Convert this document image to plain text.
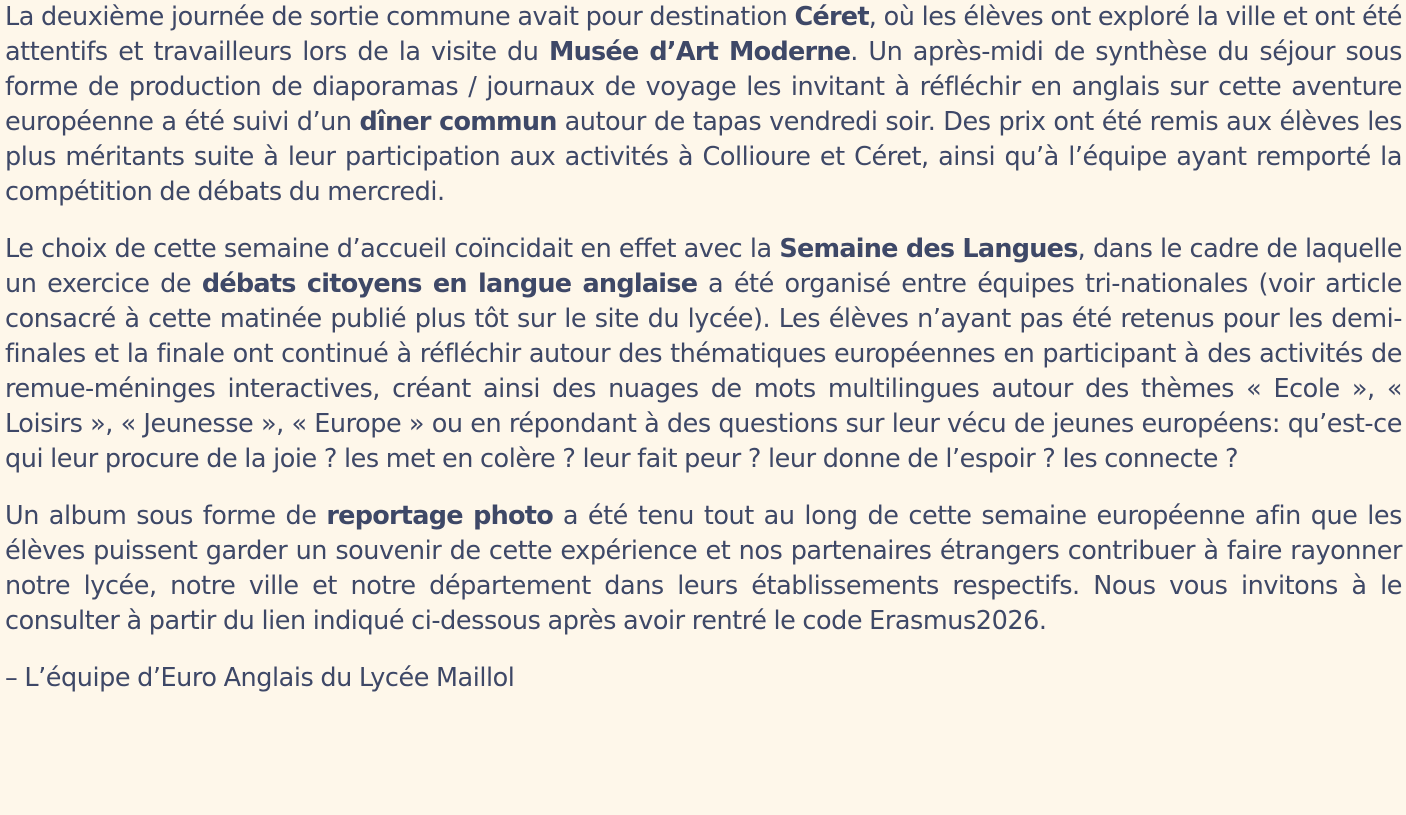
La deuxième journée de sortie commune avait pour destination Céret, où les élèves ont exploré la ville et ont été attentifs et travailleurs lors de la visite du Musée d’Art Moderne. Un après-midi de synthèse du séjour sous forme de production de diaporamas / journaux de voyage les invitant à réfléchir en anglais sur cette aventure européenne a été suivi d’un dîner commun autour de tapas vendredi soir. Des prix ont été remis aux élèves les plus méritants suite à leur participation aux activités à Collioure et Céret, ainsi qu’à l’équipe ayant remporté la compétition de débats du mercredi.

Le choix de cette semaine d’accueil coïncidait en effet avec la Semaine des Langues, dans le cadre de laquelle un exercice de débats citoyens en langue anglaise a été organisé entre équipes tri-nationales (voir article consacré à cette matinée publié plus tôt sur le site du lycée). Les élèves n’ayant pas été retenus pour les demi-finales et la finale ont continué à réfléchir autour des thématiques européennes en participant à des activités de remue-méninges interactives, créant ainsi des nuages de mots multilingues autour des thèmes « Ecole », « Loisirs », « Jeunesse », « Europe » ou en répondant à des questions sur leur vécu de jeunes européens: qu’est-ce qui leur procure de la joie ? les met en colère ? leur fait peur ? leur donne de l’espoir ? les connecte ?

Un album sous forme de reportage photo a été tenu tout au long de cette semaine européenne afin que les élèves puissent garder un souvenir de cette expérience et nos partenaires étrangers contribuer à faire rayonner notre lycée, notre ville et notre département dans leurs établissements respectifs. Nous vous invitons à le consulter à partir du lien indiqué ci-dessous après avoir rentré le code Erasmus2026.

– L’équipe d’Euro Anglais du Lycée Maillol
